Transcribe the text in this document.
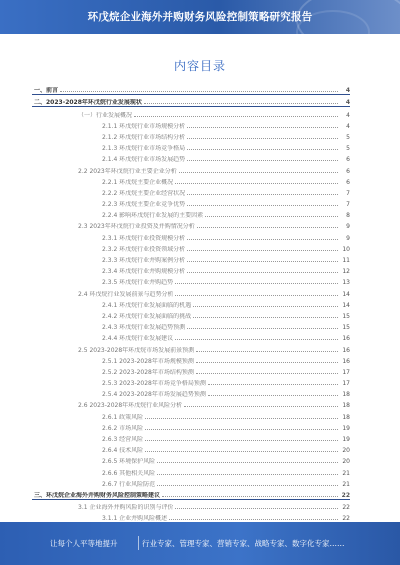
环戊烷企业海外并购财务风险控制策略研究报告
内容目录
一、前言	4
二、2023-2028年环戊烷行业发展现状	4
（一）行业发展概况	4
2.1.1 环戊烷行业市场规模分析	4
2.1.2 环戊烷行业市场结构分析	5
2.1.3 环戊烷行业市场竞争格局	5
2.1.4 环戊烷行业市场发展趋势	6
2.2 2023年环戊烷行业主要企业分析	6
2.2.1 环戊烷主要企业概况	6
2.2.2 环戊烷主要企业经营状况	7
2.2.3 环戊烷主要企业竞争优势	7
2.2.4 影响环戊烷行业发展的主要因素	8
2.3 2023年环戊烷行业投资及并购情况分析	9
2.3.1 环戊烷行业投资规模分析	9
2.3.2 环戊烷行业投资领域分析	10
2.3.3 环戊烷行业并购案例分析	11
2.3.4 环戊烷行业并购规模分析	12
2.3.5 环戊烷行业并购趋势	13
2.4 环戊烷行业发展前景与趋势分析	14
2.4.1 环戊烷行业发展面临的机遇	14
2.4.2 环戊烷行业发展面临的挑战	15
2.4.3 环戊烷行业发展趋势预测	15
2.4.4 环戊烷行业发展建议	16
2.5 2023-2028年环戊烷市场发展前景预测	16
2.5.1 2023-2028年市场规模预测	16
2.5.2 2023-2028年市场结构预测	17
2.5.3 2023-2028年市场竞争格局预测	17
2.5.4 2023-2028年市场发展趋势预测	18
2.6 2023-2028年环戊烷行业风险分析	18
2.6.1 政策风险	18
2.6.2 市场风险	19
2.6.3 经营风险	19
2.6.4 技术风险	20
2.6.5 环境保护风险	20
2.6.6 其他相关风险	21
2.6.7 行业风险防范	21
三、环戊烷企业海外并购财务风险控制策略建议	22
3.1 企业海外并购风险的识别与评价	22
3.1.1 企业并购风险概述	22
让每个人平等地提升	行业专家、管理专家、营销专家、战略专家、数字化专家……
